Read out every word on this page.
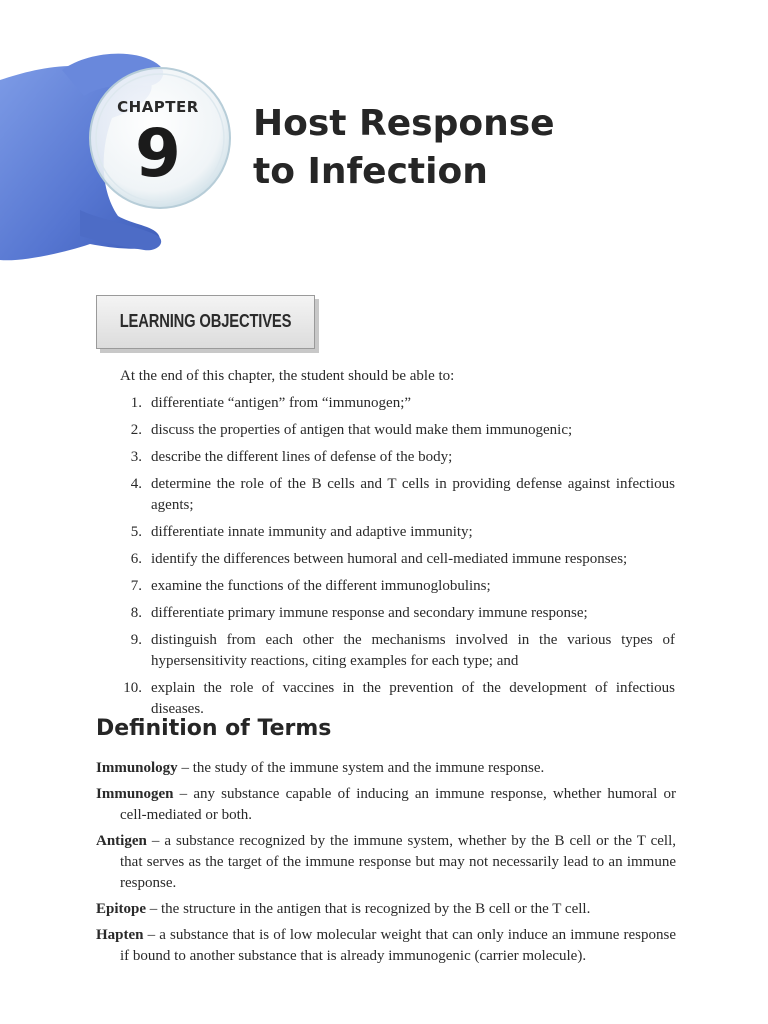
CHAPTER
9	Host Response
to Infection
LEARNING OBJECTIVES

At the end of this chapter, the student should be able to:

1. differentiate “antigen” from “immunogen;”
2. discuss the properties of antigen that would make them immunogenic;
3. describe the different lines of defense of the body;
4. determine the role of the B cells and T cells in providing defense against infectious agents;
5. differentiate innate immunity and adaptive immunity;
6. identify the differences between humoral and cell-mediated immune responses;
7. examine the functions of the different immunoglobulins;
8. differentiate primary immune response and secondary immune response;
9. distinguish from each other the mechanisms involved in the various types of hypersensitivity reactions, citing examples for each type; and
10. explain the role of vaccines in the prevention of the development of infectious diseases.
Definition of Terms

Immunology – the study of the immune system and the immune response.

Immunogen – any substance capable of inducing an immune response, whether humoral or cell-mediated or both.

Antigen – a substance recognized by the immune system, whether by the B cell or the T cell, that serves as the target of the immune response but may not necessarily lead to an immune response.

Epitope – the structure in the antigen that is recognized by the B cell or the T cell.

Hapten – a substance that is of low molecular weight that can only induce an immune response if bound to another substance that is already immunogenic (carrier molecule).
